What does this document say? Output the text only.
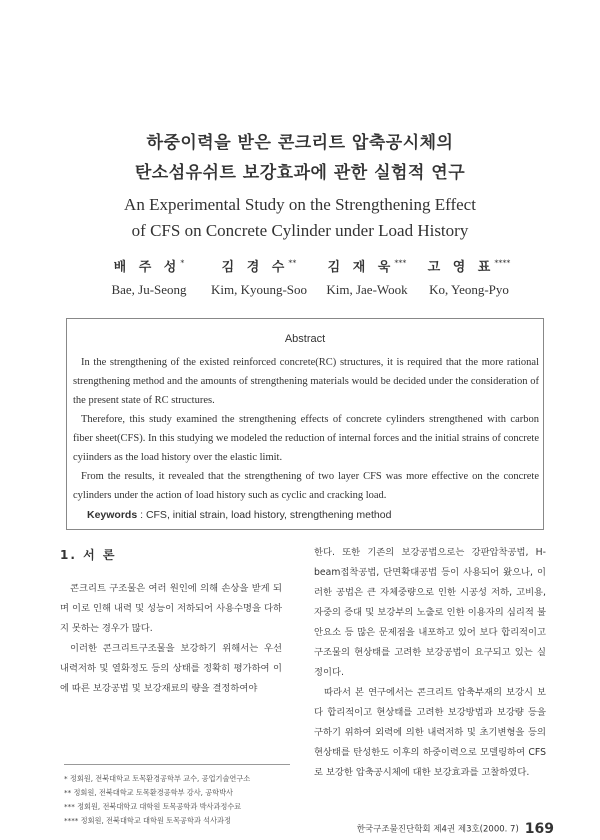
하중이력을 받은 콘크리트 압축공시체의
탄소섬유쉬트 보강효과에 관한 실험적 연구
An Experimental Study on the Strengthening Effect
of CFS on Concrete Cylinder under Load History
배 주 성*
Bae, Ju-Seong
김 경 수**
Kim, Kyoung-Soo
김 재 욱***
Kim, Jae-Wook
고 영 표****
Ko, Yeong-Pyo
Abstract

In the strengthening of the existed reinforced concrete(RC) structures, it is required that the more rational strengthening method and the amounts of strengthening materials would be decided under the consideration of the present state of RC structures.

Therefore, this study examined the strengthening effects of concrete cylinders strengthened with carbon fiber sheet(CFS). In this studying we modeled the reduction of internal forces and the initial strains of concrete cyiinders as the load history over the elastic limit.

From the results, it revealed that the strengthening of two layer CFS was more effective on the concrete cylinders under the action of load history such as cyclic and cracking load.

Keywords : CFS, initial strain, load history, strengthening method
1. 서 론

콘크리트 구조물은 여러 원인에 의해 손상을 받게 되며 이로 인해 내력 및 성능이 저하되어 사용수명을 다하지 못하는 경우가 많다.

이러한 콘크리트구조물을 보강하기 위해서는 우선 내력저하 및 열화정도 등의 상태를 정확히 평가하여 이에 따른 보강공법 및 보강재료의 량을 결정하여야

* 정회원, 전북대학교 토목환경공학부 교수, 공업기술연구소
** 정회원, 전북대학교 토목환경공학부 강사, 공학박사
*** 정회원, 전북대학교 대학원 토목공학과 박사과정수료
**** 정회원, 전북대학교 대학원 토목공학과 석사과정

한다. 또한 기존의 보강공법으로는 강판압착공법, H-beam접착공법, 단면확대공법 등이 사용되어 왔으나, 이러한 공법은 큰 자체중량으로 인한 시공성 저하, 고비용, 자중의 증대 및 보강부의 노출로 인한 이용자의 심리적 불안요소 등 많은 문제점을 내포하고 있어 보다 합리적이고 구조물의 현상태를 고려한 보강공법이 요구되고 있는 실정이다.

따라서 본 연구에서는 콘크리트 압축부재의 보강시 보다 합리적이고 현상태를 고려한 보강방법과 보강량 등을 구하기 위하여 외력에 의한 내력저하 및 초기변형을 등의 현상태를 탄성한도 이후의 하중이력으로 모델링하여 CFS로 보강한 압축공시체에 대한 보강효과를 고찰하였다.

한국구조물진단학회 제4권 제3호(2000. 7) 169
